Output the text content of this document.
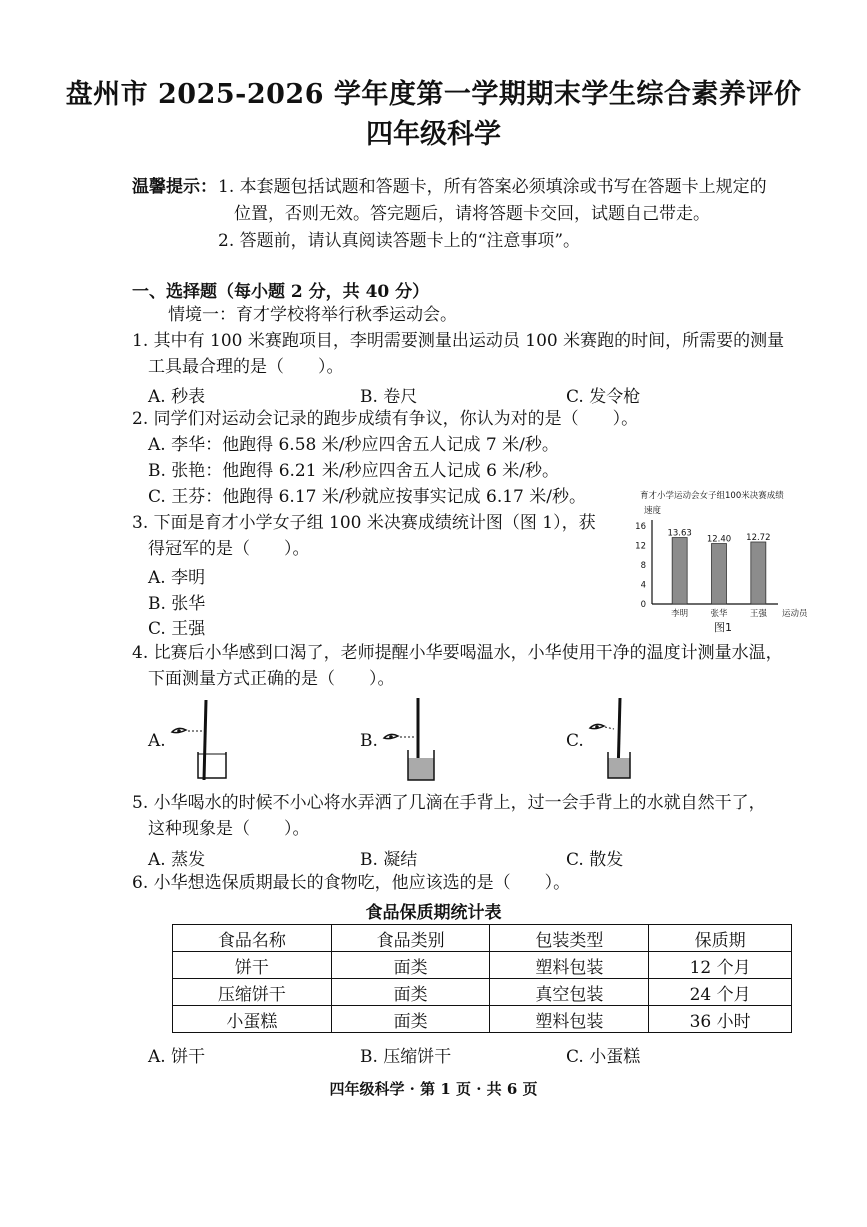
盘州市 2025-2026 学年度第一学期期末学生综合素养评价
四年级科学
温馨提示： 1. 本套题包括试题和答题卡，所有答案必须填涂或书写在答题卡上规定的
位置，否则无效。答完题后，请将答题卡交回，试题自己带走。
2. 答题前，请认真阅读答题卡上的“注意事项”。
一、选择题（每小题 2 分，共 40 分）
情境一：育才学校将举行秋季运动会。
1. 其中有 100 米赛跑项目，李明需要测量出运动员 100 米赛跑的时间，所需要的测量
工具最合理的是（　　）。
A. 秒表	B. 卷尺	C. 发令枪
2. 同学们对运动会记录的跑步成绩有争议，你认为对的是（　　）。
A. 李华：他跑得 6.58 米/秒应四舍五人记成 7 米/秒。
B. 张艳：他跑得 6.21 米/秒应四舍五人记成 6 米/秒。
C. 王芬：他跑得 6.17 米/秒就应按事实记成 6.17 米/秒。
3. 下面是育才小学女子组 100 米决赛成绩统计图（图 1），获
得冠军的是（　　）。
A. 李明
B. 张华
C. 王强
育才小学运动会女子组100米决赛成绩
速度
0
4
8
12
16
13.63
李明
12.40
张华
12.72
王强 运动员
图1
4. 比赛后小华感到口渴了，老师提醒小华要喝温水，小华使用干净的温度计测量水温，
下面测量方式正确的是（　　）。
A.	B.	C.
5. 小华喝水的时候不小心将水弄洒了几滴在手背上，过一会手背上的水就自然干了，
这种现象是（　　）。
A. 蒸发	B. 凝结	C. 散发
6. 小华想选保质期最长的食物吃，他应该选的是（　　）。
食品保质期统计表
食品名称	食品类别	包装类型	保质期
饼干	面类	塑料包装	12 个月
压缩饼干	面类	真空包装	24 个月
小蛋糕	面类	塑料包装	36 小时
A. 饼干	B. 压缩饼干	C. 小蛋糕
四年级科学 · 第 1 页 · 共 6 页
